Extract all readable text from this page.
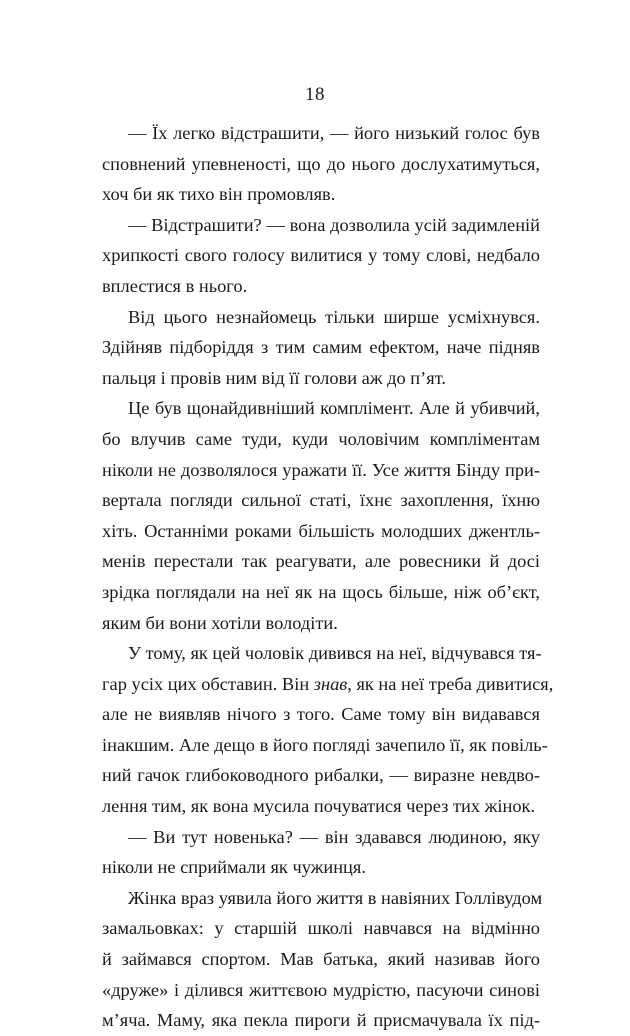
18
— Їх легко відстрашити, — його низький голос був
сповнений упевненості, що до нього дослухатимуться,
хоч би як тихо він промовляв.
— Відстрашити? — вона дозволила усій задимленій
хрипкості свого голосу вилитися у тому слові, недбало
вплестися в нього.
Від цього незнайомець тільки ширше усміхнувся.
Здійняв підборіддя з тим самим ефектом, наче підняв
пальця і провів ним від її голови аж до п’ят.
Це був щонайдивніший комплімент. Але й убивчий,
бо влучив саме туди, куди чоловічим компліментам
ніколи не дозволялося уражати її. Усе життя Бінду при-
вертала погляди сильної статі, їхнє захоплення, їхню
хіть. Останніми роками більшість молодших джентль-
менів перестали так реагувати, але ровесники й досі
зрідка поглядали на неї як на щось більше, ніж об’єкт,
яким би вони хотіли володіти.
У тому, як цей чоловік дивився на неї, відчувався тя-
гар усіх цих обставин. Він знав, як на неї треба дивитися,
але не виявляв нічого з того. Саме тому він видавався
інакшим. Але дещо в його погляді зачепило її, як повіль-
ний гачок глибоководного рибалки, — виразне невдво-
лення тим, як вона мусила почуватися через тих жінок.
— Ви тут новенька? — він здавався людиною, яку
ніколи не сприймали як чужинця.
Жінка враз уявила його життя в навіяних Голлівудом
замальовках: у старшій школі навчався на відмінно
й займався спортом. Мав батька, який називав його
«друже» і ділився життєвою мудрістю, пасуючи синові
м’яча. Маму, яка пекла пироги й присмачувала їх під-
